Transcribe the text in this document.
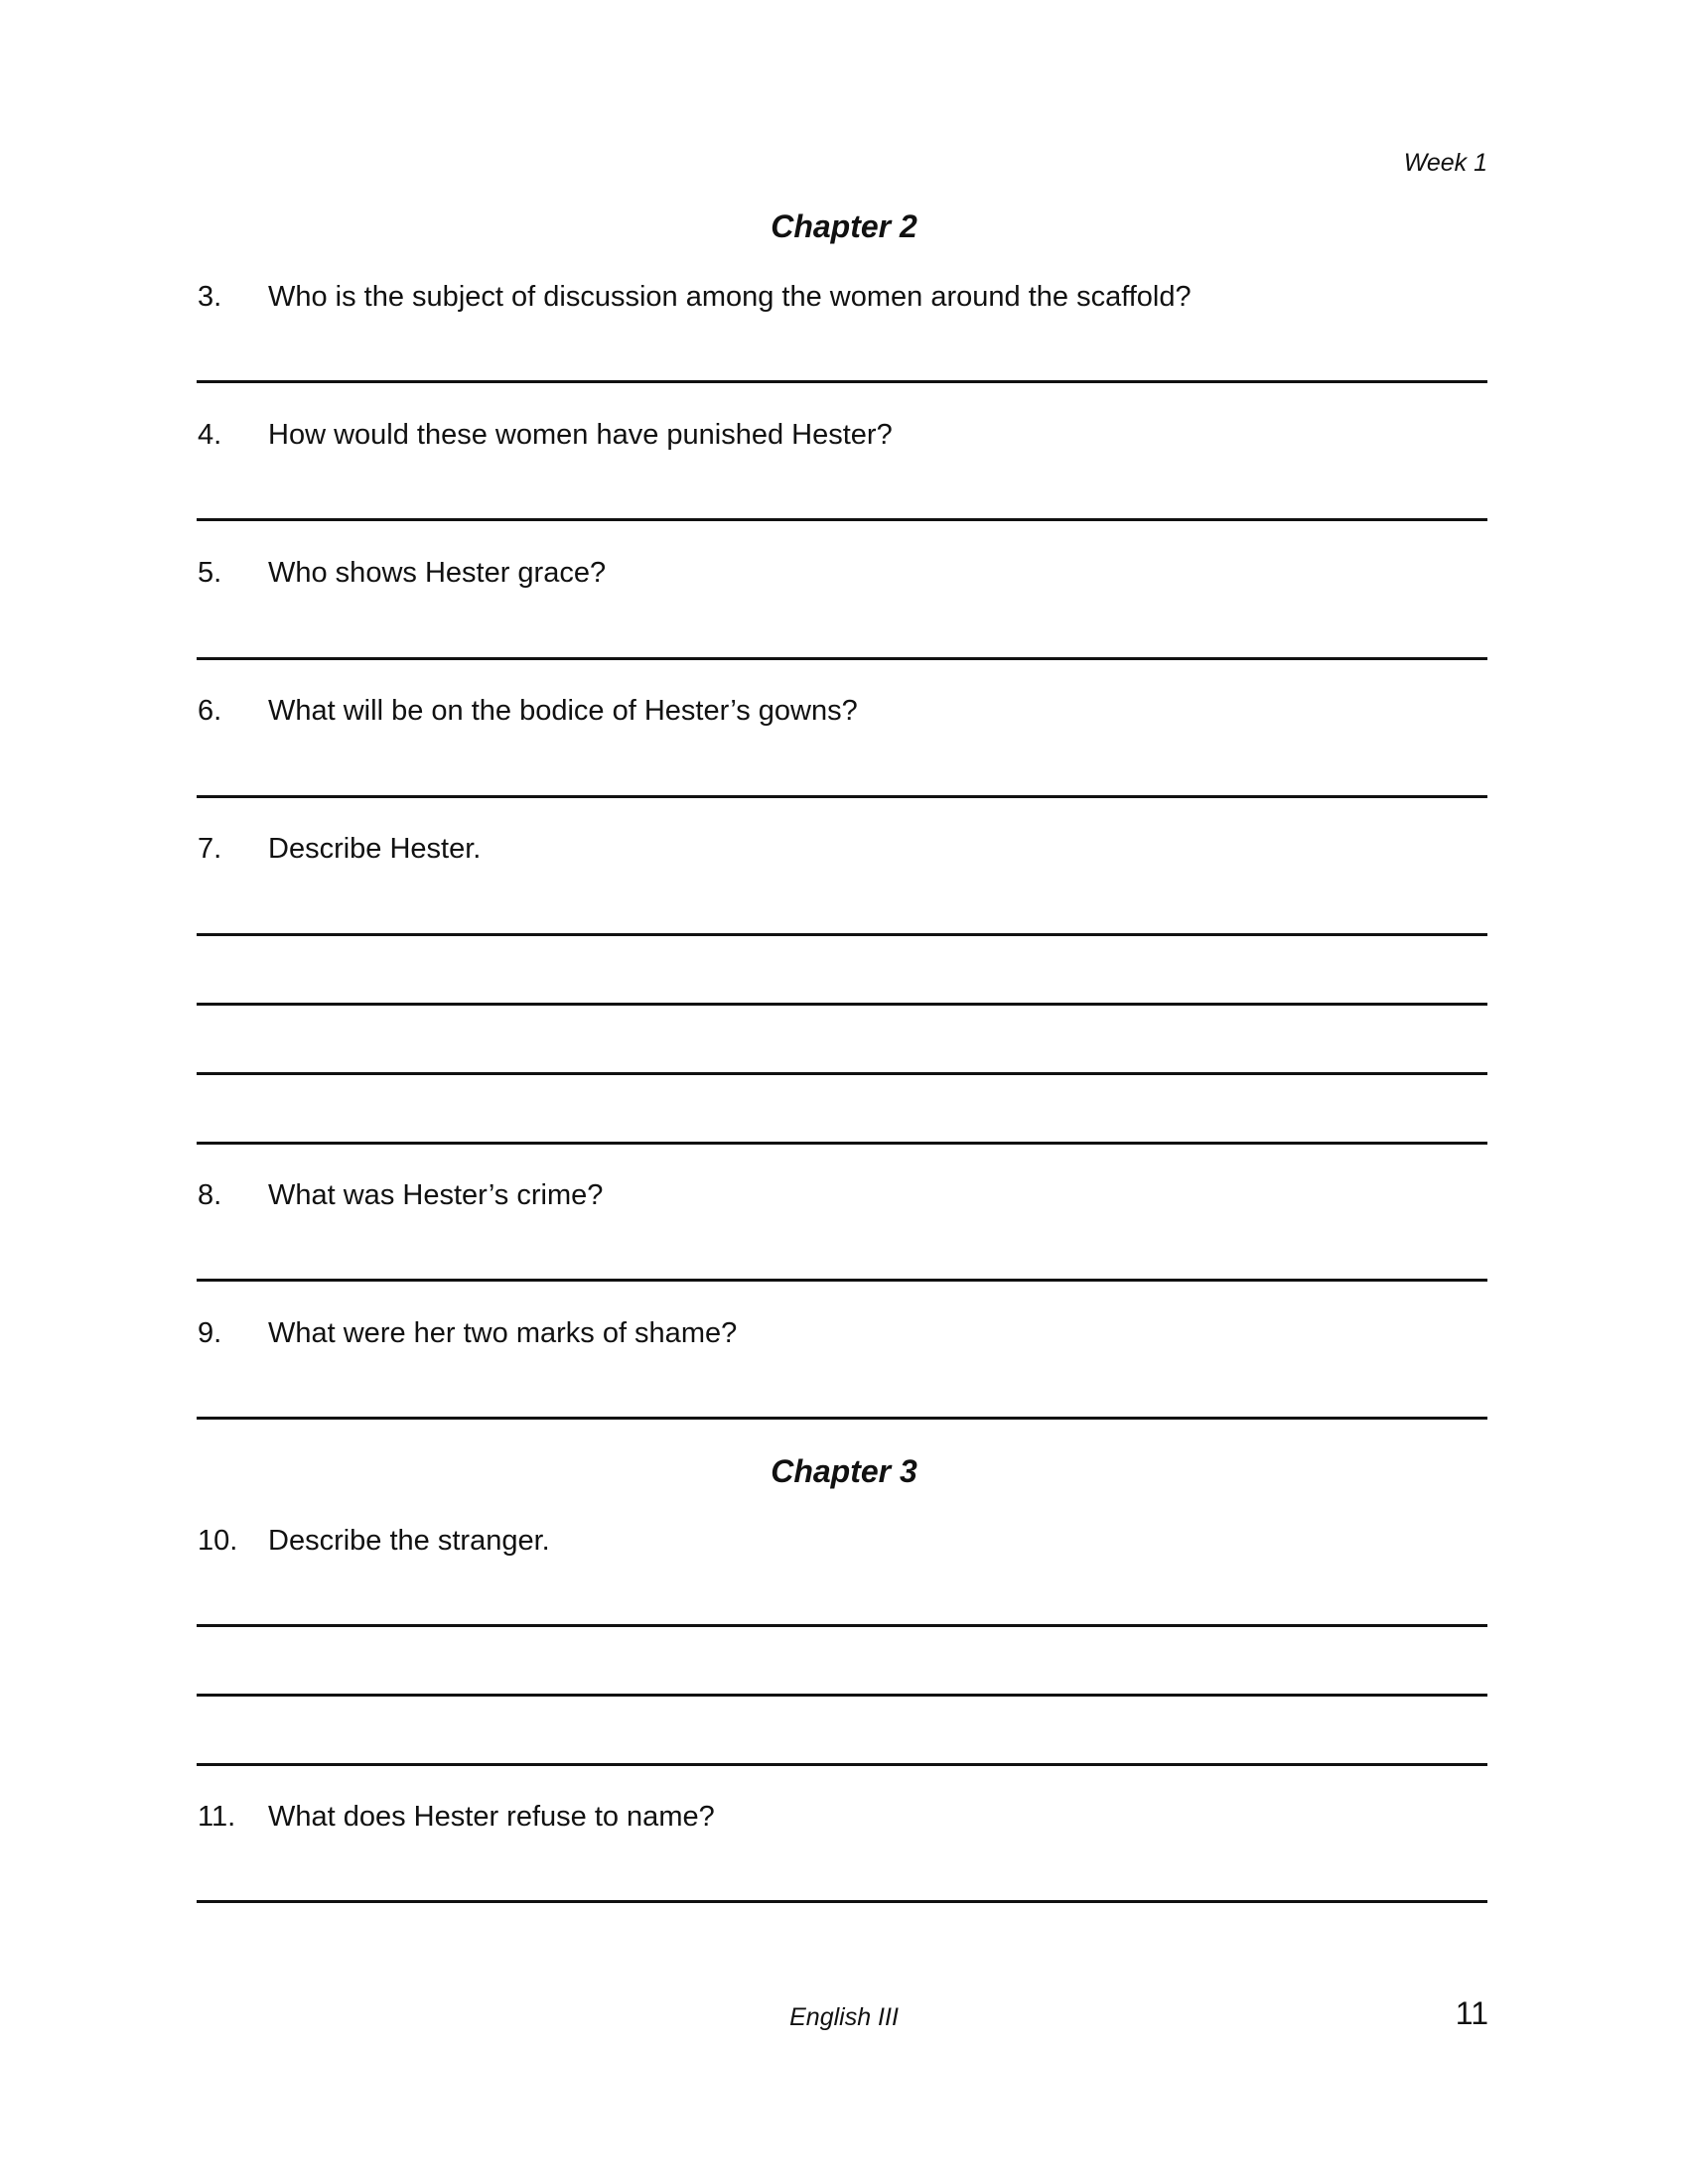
Week 1
Chapter 2
3. Who is the subject of discussion among the women around the scaffold?
4. How would these women have punished Hester?
5. Who shows Hester grace?
6. What will be on the bodice of Hester’s gowns?
7. Describe Hester.
8. What was Hester’s crime?
9. What were her two marks of shame?
Chapter 3
10. Describe the stranger.
11. What does Hester refuse to name?
English III	11
